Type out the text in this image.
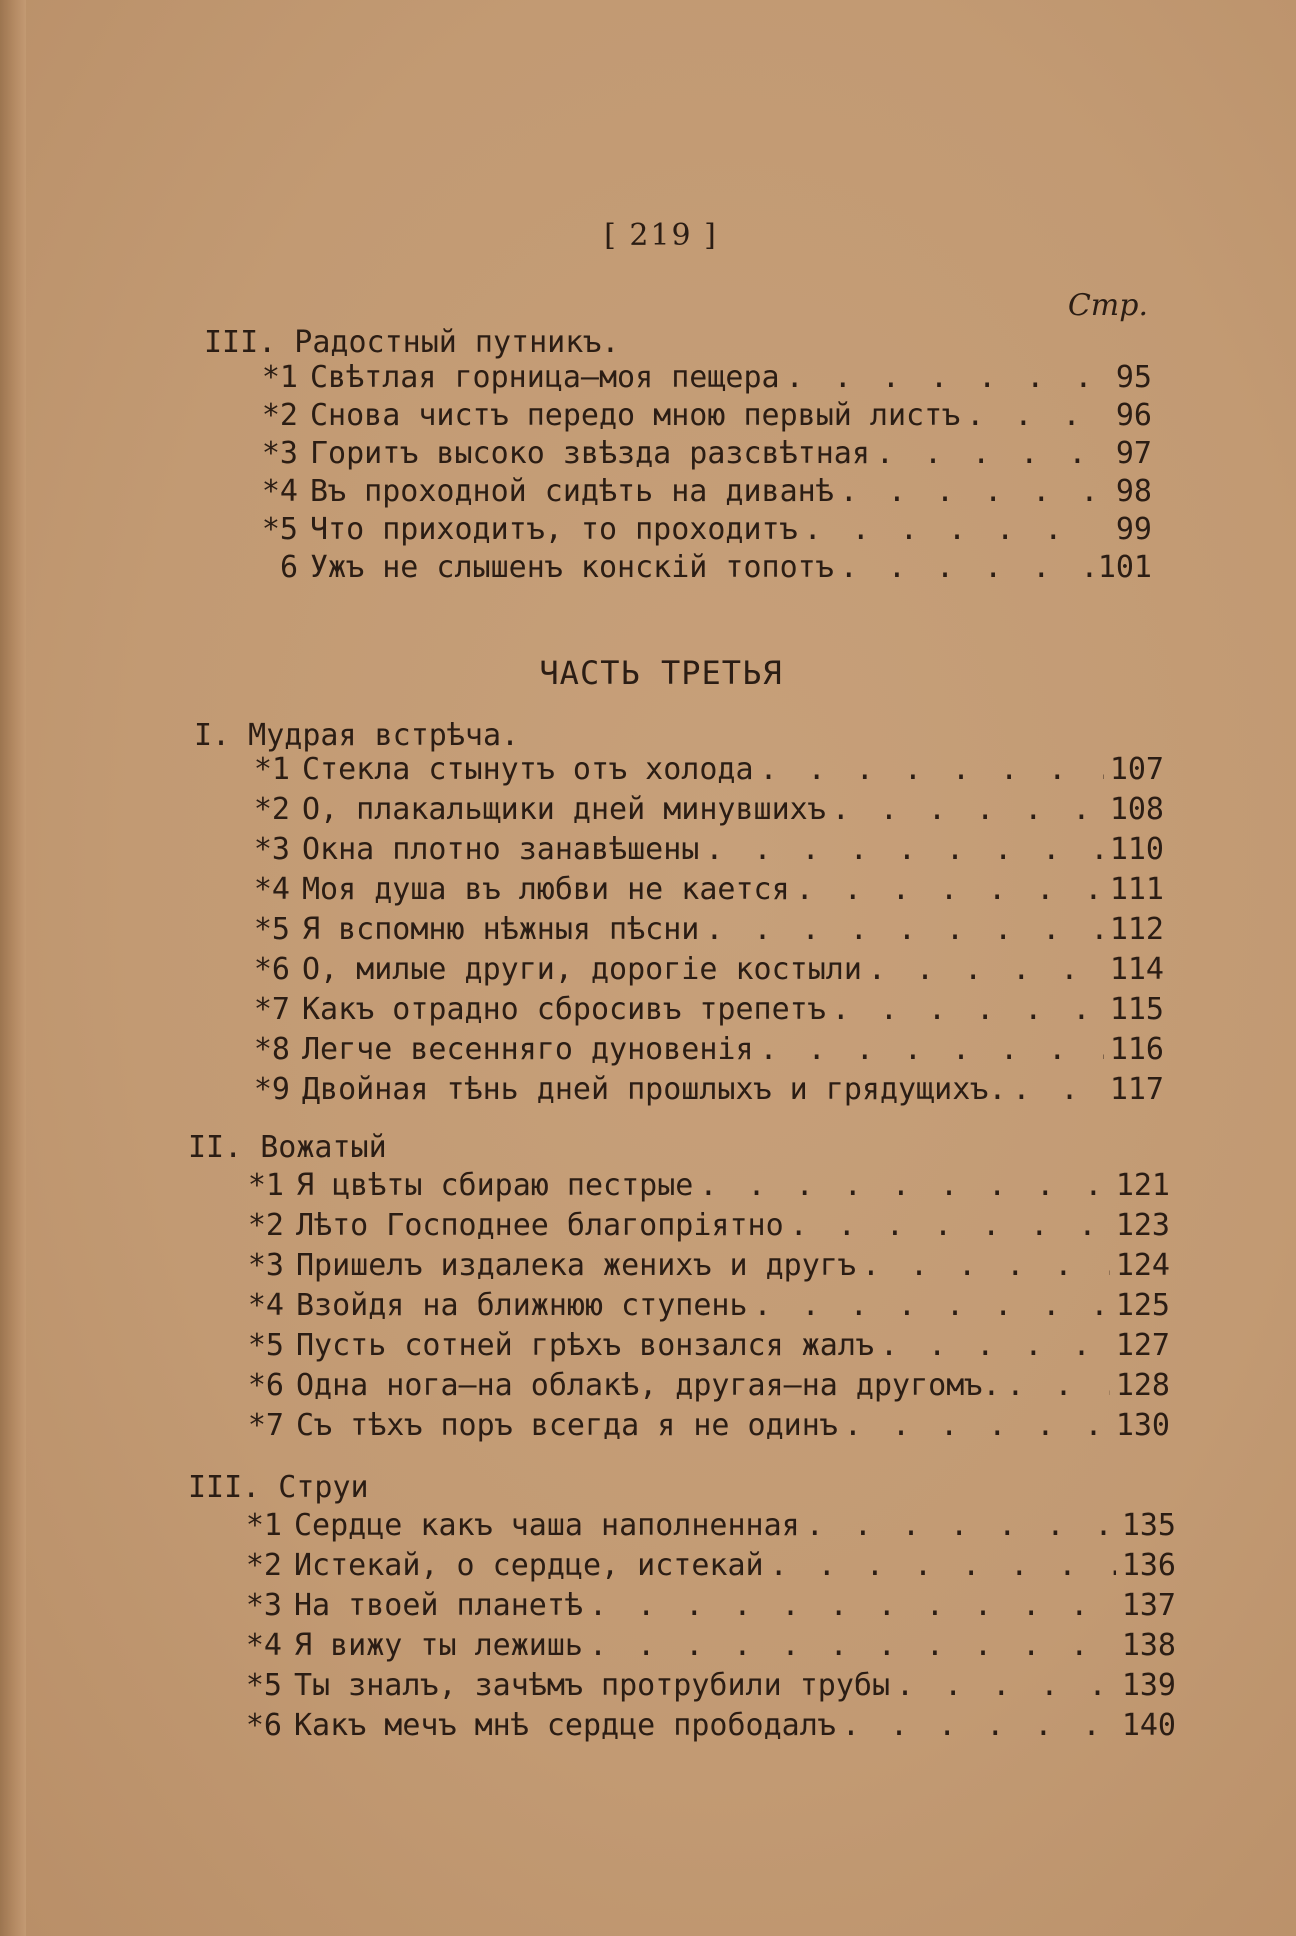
[ 219 ]
Стр.
III. Радостный путникъ.
*1 Свѣтлая горница—моя пещера . . .	95
*2 Снова чистъ передо мною первый листъ . . .	96
*3 Горитъ высоко звѣзда разсвѣтная . . .	97
*4 Въ проходной сидѣть на диванѣ . . .	98
*5 Что приходитъ, то проходитъ . . .	99
6 Ужъ не слышенъ конскій топотъ . . .	101
ЧАСТЬ ТРЕТЬЯ
I. Мудрая встрѣча.
*1 Стекла стынутъ отъ холода . . .	107
*2 О, плакальщики дней минувшихъ . . .	108
*3 Окна плотно занавѣшены . . .	110
*4 Моя душа въ любви не кается . . .	111
*5 Я вспомню нѣжныя пѣсни . . .	112
*6 О, милые други, дорогіе костыли . . .	114
*7 Какъ отрадно сбросивъ трепетъ . . .	115
*8 Легче весенняго дуновенія . . .	116
*9 Двойная тѣнь дней прошлыхъ и грядущихъ. . . .	117
II. Вожатый
*1 Я цвѣты сбираю пестрые . . .	121
*2 Лѣто Господнее благопріятно . . .	123
*3 Пришелъ издалека женихъ и другъ . . .	124
*4 Взойдя на ближнюю ступень . . .	125
*5 Пусть сотней грѣхъ вонзался жалъ . . .	127
*6 Одна нога—на облакѣ, другая—на другомъ. . . .	128
*7 Съ тѣхъ поръ всегда я не одинъ . . .	130
III. Струи
*1 Сердце какъ чаша наполненная . . .	135
*2 Истекай, о сердце, истекай . . .	136
*3 На твоей планетѣ . . .	137
*4 Я вижу ты лежишь . . .	138
*5 Ты зналъ, зачѣмъ протрубили трубы . . .	139
*6 Какъ мечъ мнѣ сердце прободалъ . . .	140
